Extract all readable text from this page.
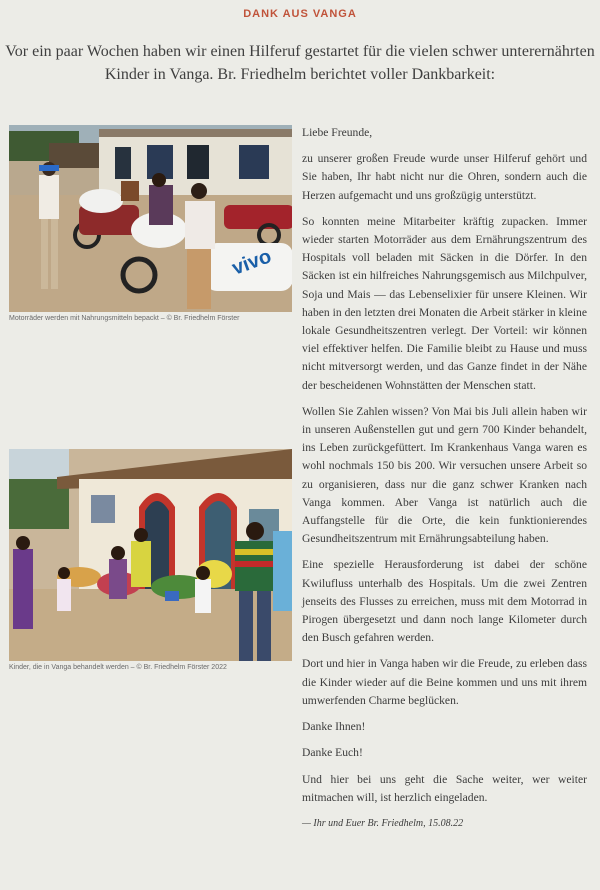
DANK AUS VANGA
Vor ein paar Wochen haben wir einen Hilferuf gestartet für die vielen schwer unterernährten Kinder in Vanga. Br. Friedhelm berichtet voller Dankbarkeit:
vivo
Motorräder werden mit Nahrungsmitteln bepackt – © Br. Friedhelm Förster
Kinder, die in Vanga behandelt werden – © Br. Friedhelm Förster 2022

Liebe Freunde,

zu unserer großen Freude wurde unser Hilferuf gehört und Sie haben, Ihr habt nicht nur die Ohren, sondern auch die Herzen aufgemacht und uns großzügig unterstützt.

So konnten meine Mitarbeiter kräftig zupacken. Immer wieder starten Motorräder aus dem Ernährungszentrum des Hospitals voll beladen mit Säcken in die Dörfer. In den Säcken ist ein hilfreiches Nahrungsgemisch aus Milchpulver, Soja und Mais — das Lebenselixier für unsere Kleinen. Wir haben in den letzten drei Monaten die Arbeit stärker in kleine lokale Gesundheitszentren verlegt. Der Vorteil: wir können viel effektiver helfen. Die Familie bleibt zu Hause und muss nicht mitversorgt werden, und das Ganze findet in der Nähe der bescheidenen Wohnstätten der Menschen statt.

Wollen Sie Zahlen wissen? Von Mai bis Juli allein haben wir in unseren Außenstellen gut und gern 700 Kinder behandelt, ins Leben zurückgefüttert. Im Krankenhaus Vanga waren es wohl nochmals 150 bis 200. Wir versuchen unsere Arbeit so zu organisieren, dass nur die ganz schwer Kranken nach Vanga kommen. Aber Vanga ist natürlich auch die Auffangstelle für die Orte, die kein funktionierendes Gesundheitszentrum mit Ernährungsabteilung haben.

Eine spezielle Herausforderung ist dabei der schöne Kwilufluss unterhalb des Hospitals. Um die zwei Zentren jenseits des Flusses zu erreichen, muss mit dem Motorrad in Pirogen übergesetzt und dann noch lange Kilometer durch den Busch gefahren werden.

Dort und hier in Vanga haben wir die Freude, zu erleben dass die Kinder wieder auf die Beine kommen und uns mit ihrem umwerfenden Charme beglücken.

Danke Ihnen!

Danke Euch!

Und hier bei uns geht die Sache weiter, wer weiter mitmachen will, ist herzlich eingeladen.

— Ihr und Euer Br. Friedhelm, 15.08.22
